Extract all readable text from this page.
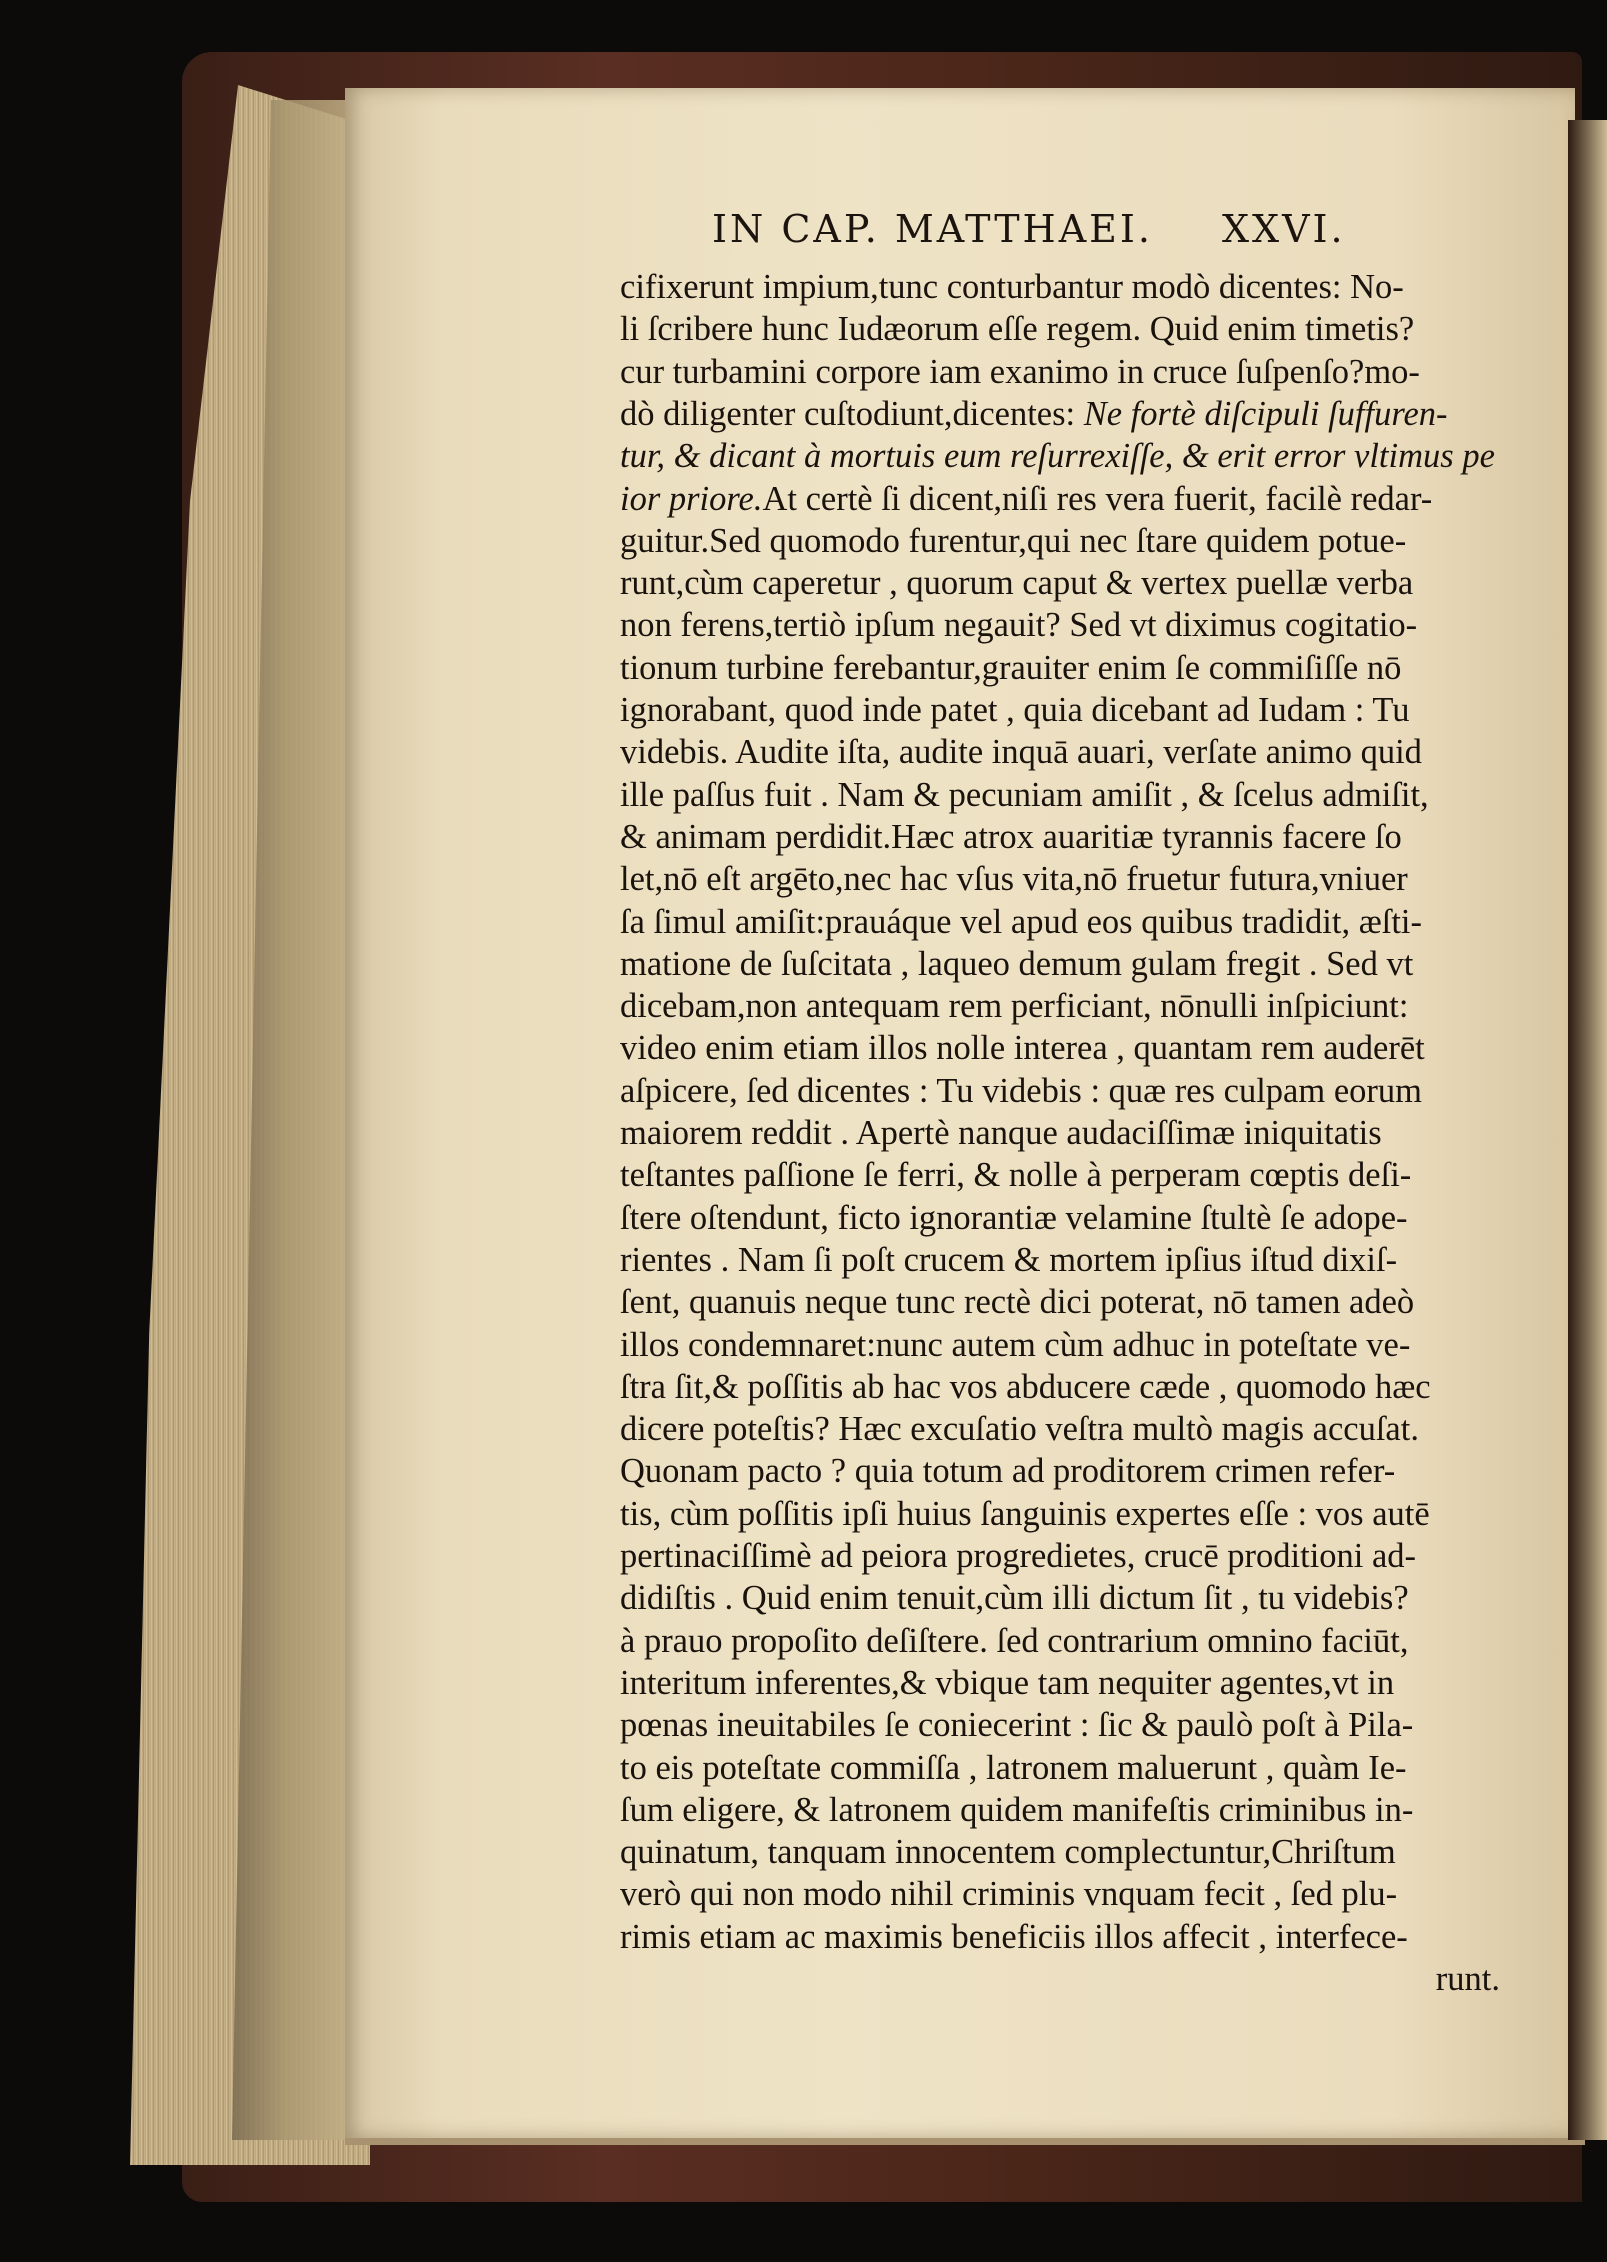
IN CAP. MATTHAEI. XXVI.
cifixerunt impium,tunc conturbantur modò dicentes: No-
li ſcribere hunc Iudæorum eſſe regem. Quid enim timetis?
cur turbamini corpore iam exanimo in cruce ſuſpenſo?mo-
dò diligenter cuſtodiunt,dicentes: Ne fortè diſcipuli ſuffuren-
tur, & dicant à mortuis eum reſurrexiſſe, & erit error vltimus pe
ior priore.At certè ſi dicent,niſi res vera fuerit, facilè redar-
guitur.Sed quomodo furentur,qui nec ſtare quidem potue-
runt,cùm caperetur , quorum caput & vertex puellæ verba
non ferens,tertiò ipſum negauit? Sed vt diximus cogitatio-
tionum turbine ferebantur,grauiter enim ſe commiſiſſe nō
ignorabant, quod inde patet , quia dicebant ad Iudam : Tu
videbis. Audite iſta, audite inquā auari, verſate animo quid
ille paſſus fuit . Nam & pecuniam amiſit , & ſcelus admiſit,
& animam perdidit.Hæc atrox auaritiæ tyrannis facere ſo
let,nō eſt argēto,nec hac vſus vita,nō fruetur futura,vniuer
ſa ſimul amiſit:prauáque vel apud eos quibus tradidit, æſti-
matione de ſuſcitata , laqueo demum gulam fregit . Sed vt
dicebam,non antequam rem perficiant, nōnulli inſpiciunt:
video enim etiam illos nolle interea , quantam rem auderēt
aſpicere, ſed dicentes : Tu videbis : quæ res culpam eorum
maiorem reddit . Apertè nanque audaciſſimæ iniquitatis
teſtantes paſſione ſe ferri, & nolle à perperam cœptis deſi-
ſtere oſtendunt, ficto ignorantiæ velamine ſtultè ſe adope-
rientes . Nam ſi poſt crucem & mortem ipſius iſtud dixiſ-
ſent, quanuis neque tunc rectè dici poterat, nō tamen adeò
illos condemnaret:nunc autem cùm adhuc in poteſtate ve-
ſtra ſit,& poſſitis ab hac vos abducere cæde , quomodo hæc
dicere poteſtis? Hæc excuſatio veſtra multò magis accuſat.
Quonam pacto ? quia totum ad proditorem crimen refer-
tis, cùm poſſitis ipſi huius ſanguinis expertes eſſe : vos autē
pertinaciſſimè ad peiora progredietes, crucē proditioni ad-
didiſtis . Quid enim tenuit,cùm illi dictum ſit , tu videbis?
à prauo propoſito deſiſtere. ſed contrarium omnino faciūt,
interitum inferentes,& vbique tam nequiter agentes,vt in
pœnas ineuitabiles ſe coniecerint : ſic & paulò poſt à Pila-
to eis poteſtate commiſſa , latronem maluerunt , quàm Ie-
ſum eligere, & latronem quidem manifeſtis criminibus in-
quinatum, tanquam innocentem complectuntur,Chriſtum
verò qui non modo nihil criminis vnquam fecit , ſed plu-
rimis etiam ac maximis beneficiis illos affecit , interfece-
runt.
